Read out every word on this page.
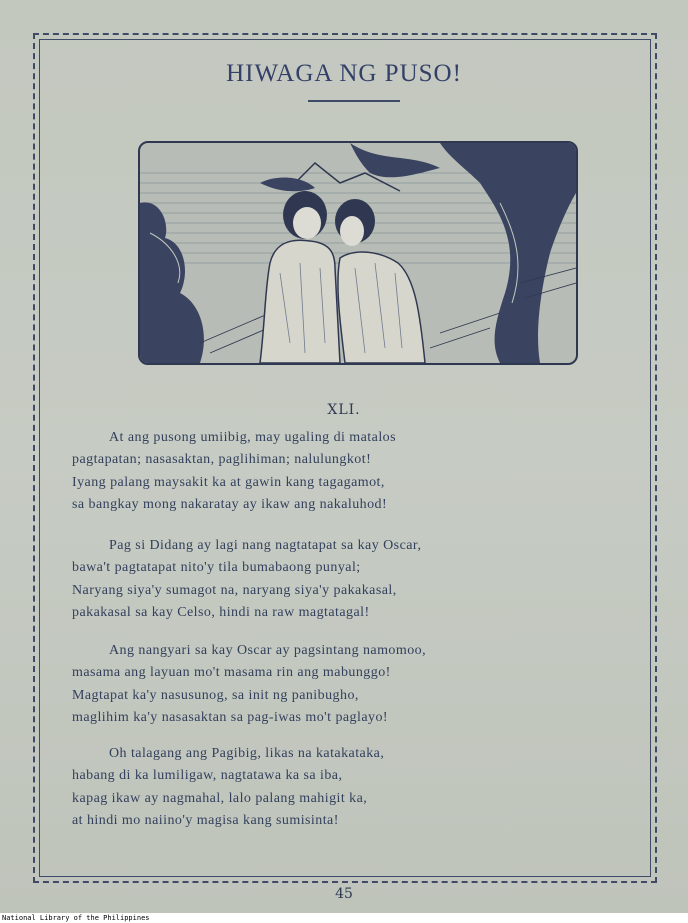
HIWAGA NG PUSO!
XLI.
At ang pusong umiibig, may ugaling di matalos
pagtapatan; nasasaktan, paglihiman; nalulungkot!
Iyang palang maysakit ka at gawin kang tagagamot,
sa bangkay mong nakaratay ay ikaw ang nakaluhod!
Pag si Didang ay lagi nang nagtatapat sa kay Oscar,
bawa't pagtatapat nito'y tila bumabaong punyal;
Naryang siya'y sumagot na, naryang siya'y pakakasal,
pakakasal sa kay Celso, hindi na raw magtatagal!
Ang nangyari sa kay Oscar ay pagsintang namomoo,
masama ang layuan mo't masama rin ang mabunggo!
Magtapat ka'y nasusunog, sa init ng panibugho,
maglihim ka'y nasasaktan sa pag-iwas mo't paglayo!
Oh talagang ang Pagibig, likas na katakataka,
habang di ka lumiligaw, nagtatawa ka sa iba,
kapag ikaw ay nagmahal, lalo palang mahigit ka,
at hindi mo naiino'y magisa kang sumisinta!
45
National Library of the Philippines
